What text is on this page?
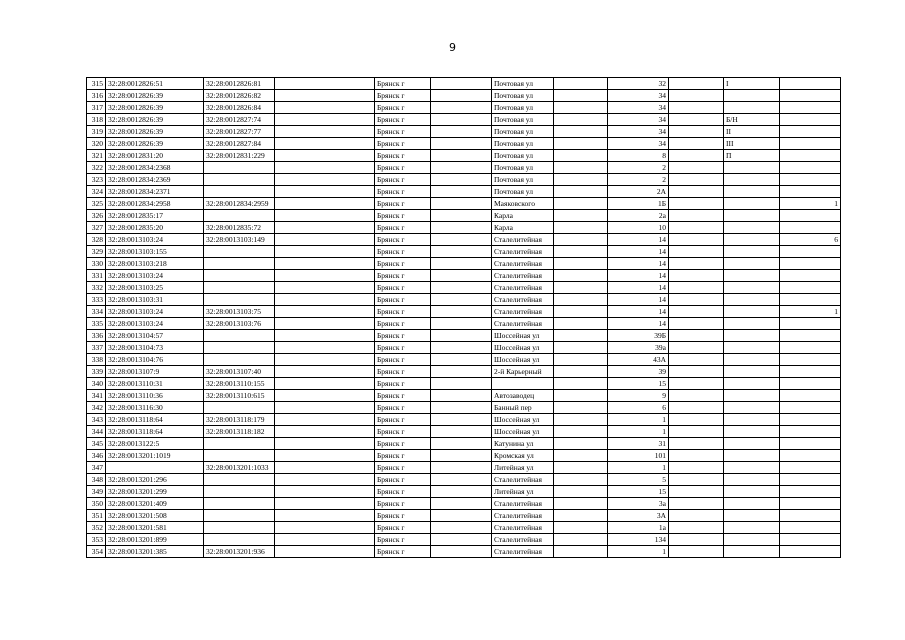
9
315	32:28:0012826:51	32:28:0012826:81		Брянск г		Почтовая ул		32		I	
316	32:28:0012826:39	32:28:0012826:82		Брянск г		Почтовая ул		34			
317	32:28:0012826:39	32:28:0012826:84		Брянск г		Почтовая ул		34			
318	32:28:0012826:39	32:28:0012827:74		Брянск г		Почтовая ул		34		Б/Н	
319	32:28:0012826:39	32:28:0012827:77		Брянск г		Почтовая ул		34		II	
320	32:28:0012826:39	32:28:0012827:84		Брянск г		Почтовая ул		34		III	
321	32:28:0012831:20	32:28:0012831:229		Брянск г		Почтовая ул		8		П	
322	32:28:0012834:2368			Брянск г		Почтовая ул		2			
323	32:28:0012834:2369			Брянск г		Почтовая ул		2			
324	32:28:0012834:2371			Брянск г		Почтовая ул		2А			
325	32:28:0012834:2958	32:28:0012834:2959		Брянск г		Маяковского		1Б			1
326	32:28:0012835:17			Брянск г		Карла		2а			
327	32:28:0012835:20	32:28:0012835:72		Брянск г		Карла		10			
328	32:28:0013103:24	32:28:0013103:149		Брянск г		Сталелитейная		14			6
329	32:28:0013103:155			Брянск г		Сталелитейная		14			
330	32:28:0013103:218			Брянск г		Сталелитейная		14			
331	32:28:0013103:24			Брянск г		Сталелитейная		14			
332	32:28:0013103:25			Брянск г		Сталелитейная		14			
333	32:28:0013103:31			Брянск г		Сталелитейная		14			
334	32:28:0013103:24	32:28:0013103:75		Брянск г		Сталелитейная		14			1
335	32:28:0013103:24	32:28:0013103:76		Брянск г		Сталелитейная		14			
336	32:28:0013104:57			Брянск г		Шоссейная ул		39Б			
337	32:28:0013104:73			Брянск г		Шоссейная ул		39а			
338	32:28:0013104:76			Брянск г		Шоссейная ул		43А			
339	32:28:0013107:9	32:28:0013107:40		Брянск г		2-й Карьерный		39			
340	32:28:0013110:31	32:28:0013110:155		Брянск г				15			
341	32:28:0013110:36	32:28:0013110:615		Брянск г		Автозаводец		9			
342	32:28:0013116:30			Брянск г		Банный пер		6			
343	32:28:0013118:64	32:28:0013118:179		Брянск г		Шоссейная ул		1			
344	32:28:0013118:64	32:28:0013118:182		Брянск г		Шоссейная ул		1			
345	32:28:0013122:5			Брянск г		Катунина ул		31			
346	32:28:0013201:1019			Брянск г		Кромская ул		101			
347		32:28:0013201:1033		Брянск г		Литейная ул		1			
348	32:28:0013201:296			Брянск г		Сталелитейная		5			
349	32:28:0013201:299			Брянск г		Литейная ул		15			
350	32:28:0013201:409			Брянск г		Сталелитейная		3а			
351	32:28:0013201:508			Брянск г		Сталелитейная		3А			
352	32:28:0013201:581			Брянск г		Сталелитейная		1а			
353	32:28:0013201:899			Брянск г		Сталелитейная		134			
354	32:28:0013201:385	32:28:0013201:936		Брянск г		Сталелитейная		1			
